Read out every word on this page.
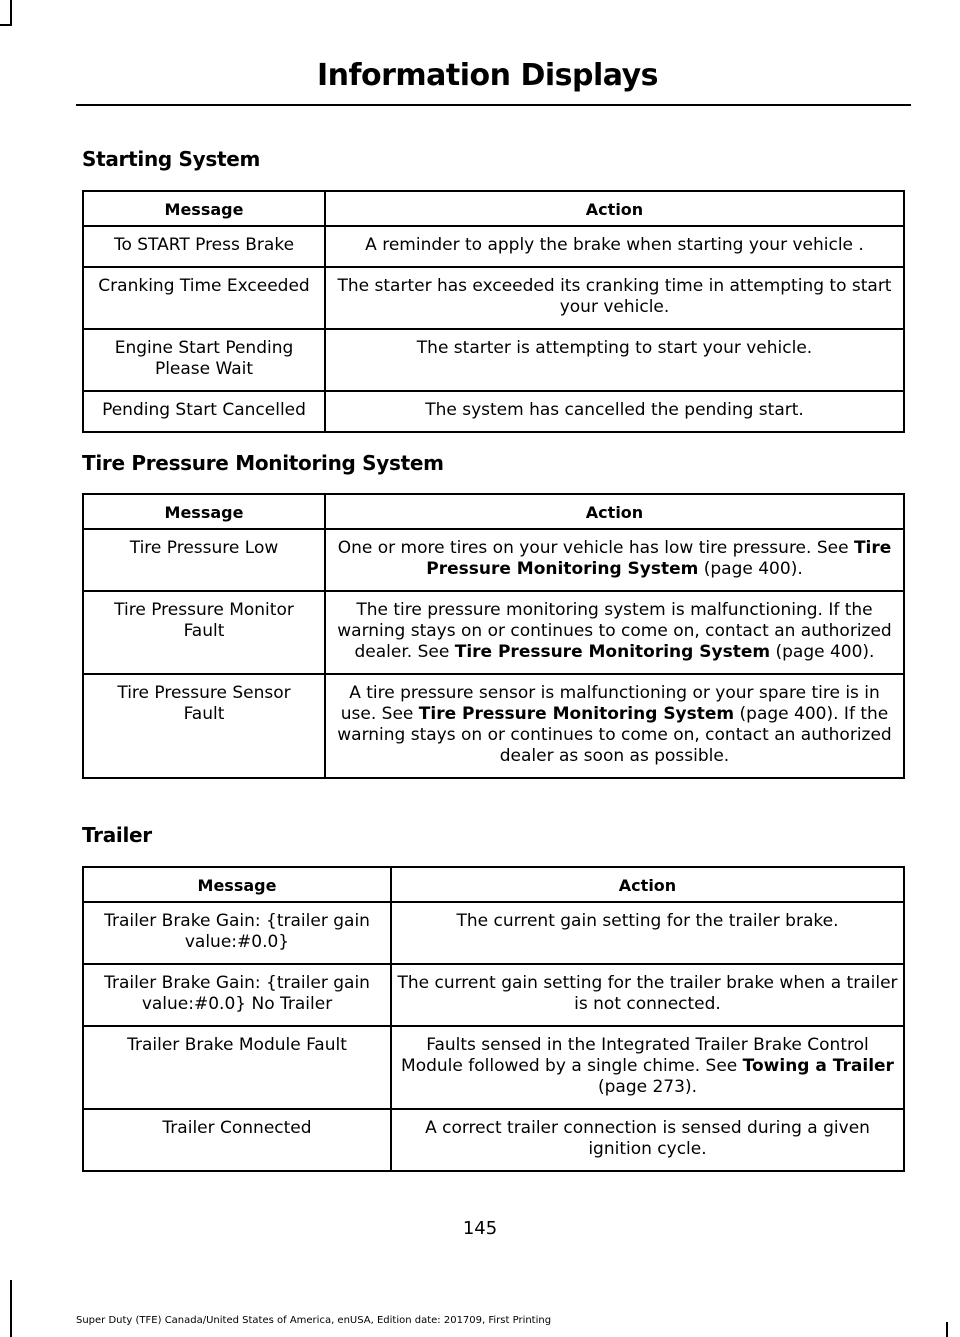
Information Displays
Starting System
Message	Action
To START Press Brake	A reminder to apply the brake when starting your vehicle .
Cranking Time Exceeded	The starter has exceeded its cranking time in attempting to start your vehicle.
Engine Start Pending Please Wait	The starter is attempting to start your vehicle.
Pending Start Cancelled	The system has cancelled the pending start.
Tire Pressure Monitoring System
Message	Action
Tire Pressure Low	One or more tires on your vehicle has low tire pressure. See Tire Pressure Monitoring System (page 400).
Tire Pressure Monitor Fault	The tire pressure monitoring system is malfunctioning. If the warning stays on or continues to come on, contact an authorized dealer. See Tire Pressure Monitoring System (page 400).
Tire Pressure Sensor Fault	A tire pressure sensor is malfunctioning or your spare tire is in use. See Tire Pressure Monitoring System (page 400). If the warning stays on or continues to come on, contact an authorized dealer as soon as possible.
Trailer
Message	Action
Trailer Brake Gain: {trailer gain value:#0.0}	The current gain setting for the trailer brake.
Trailer Brake Gain: {trailer gain value:#0.0} No Trailer	The current gain setting for the trailer brake when a trailer is not connected.
Trailer Brake Module Fault	Faults sensed in the Integrated Trailer Brake Control Module followed by a single chime. See Towing a Trailer (page 273).
Trailer Connected	A correct trailer connection is sensed during a given ignition cycle.
145
Super Duty (TFE) Canada/United States of America, enUSA, Edition date: 201709, First Printing
